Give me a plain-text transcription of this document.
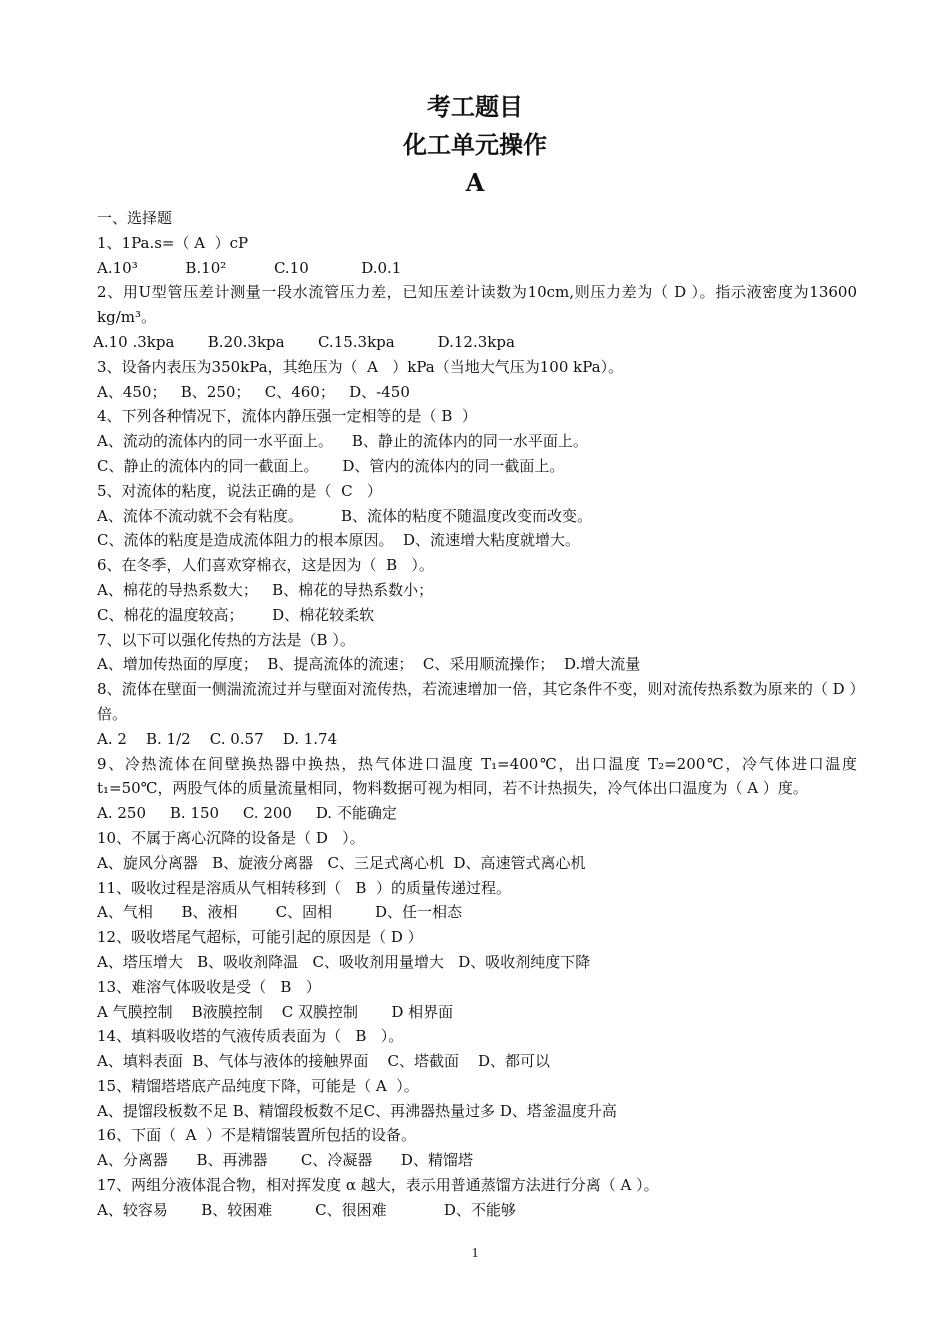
考工题目
化工单元操作
A
一、选择题
1、1Pa.s=（ A  ）cP
A.10³          B.10²          C.10           D.0.1
2、用U型管压差计测量一段水流管压力差，已知压差计读数为10cm,则压力差为（ D ）。指示液密度为13600 kg/m³。
A.10 .3kpa       B.20.3kpa       C.15.3kpa         D.12.3kpa
3、设备内表压为350kPa，其绝压为（  A   ）kPa（当地大气压为100 kPa）。
A、450；   B、250；   C、460；   D、-450
4、下列各种情况下，流体内静压强一定相等的是（ B  ）
A、流动的流体内的同一水平面上。    B、静止的流体内的同一水平面上。
C、静止的流体内的同一截面上。     D、管内的流体内的同一截面上。
5、对流体的粘度，说法正确的是（  C   ）
A、流体不流动就不会有粘度。        B、流体的粘度不随温度改变而改变。
C、流体的粘度是造成流体阻力的根本原因。  D、流速增大粘度就增大。
6、在冬季，人们喜欢穿棉衣，这是因为（  B   ）。
A、棉花的导热系数大；   B、棉花的导热系数小；
C、棉花的温度较高；      D、棉花较柔软
7、以下可以强化传热的方法是（B ）。
A、增加传热面的厚度；  B、提高流体的流速；  C、采用顺流操作；  D.增大流量
8、流体在壁面一侧湍流流过并与壁面对流传热，若流速增加一倍，其它条件不变，则对流传热系数为原来的（ D ）倍。
A. 2    B. 1/2    C. 0.57    D. 1.74
9、冷热流体在间壁换热器中换热，热气体进口温度 T₁=400℃，出口温度 T₂=200℃，冷气体进口温度 t₁=50℃，两股气体的质量流量相同，物料数据可视为相同，若不计热损失，冷气体出口温度为（ A ）度。
A. 250     B. 150     C. 200     D. 不能确定
10、不属于离心沉降的设备是（ D   ）。
A、旋风分离器   B、旋液分离器   C、三足式离心机  D、高速管式离心机
11、吸收过程是溶质从气相转移到（   B  ）的质量传递过程。
A、气相      B、液相        C、固相         D、任一相态
12、吸收塔尾气超标，可能引起的原因是（ D ）
A、塔压增大   B、吸收剂降温   C、吸收剂用量增大   D、吸收剂纯度下降
13、难溶气体吸收是受（   B   ）
A 气膜控制    B液膜控制    C 双膜控制       D 相界面
14、填料吸收塔的气液传质表面为（   B   ）。
A、填料表面  B、气体与液体的接触界面    C、塔截面    D、都可以
15、精馏塔塔底产品纯度下降，可能是（ A  ）。
A、提馏段板数不足 B、精馏段板数不足C、再沸器热量过多 D、塔釜温度升高
16、下面（  A  ）不是精馏装置所包括的设备。
A、分离器      B、再沸器       C、冷凝器      D、精馏塔
17、两组分液体混合物，相对挥发度 α 越大，表示用普通蒸馏方法进行分离（ A ）。
A、较容易       B、较困难         C、很困难            D、不能够
1
